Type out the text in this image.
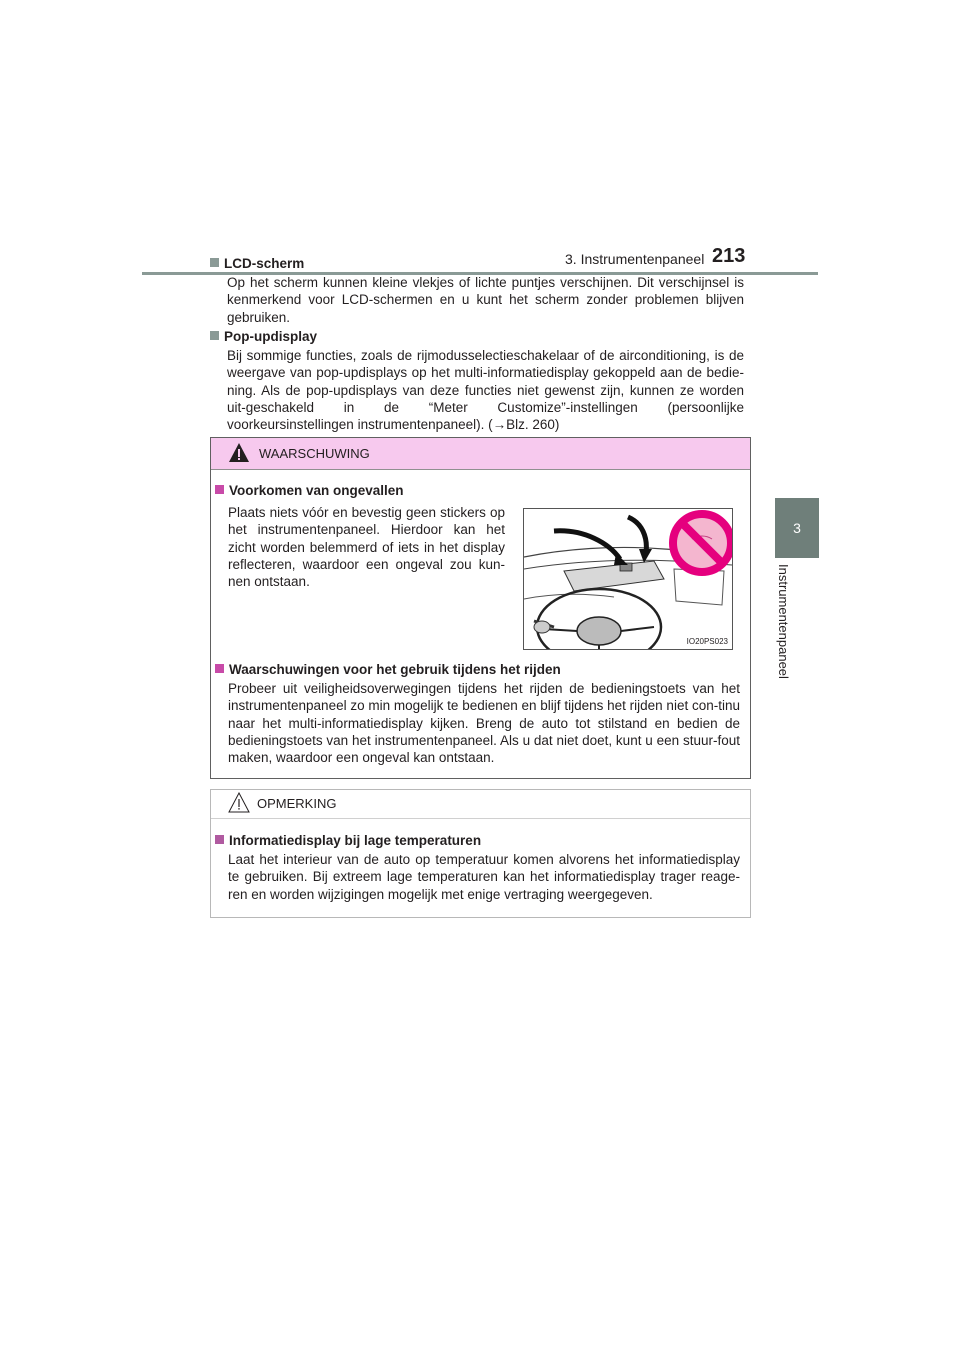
3. Instrumentenpaneel 213
3
Instrumentenpaneel
LCD-scherm
Op het scherm kunnen kleine vlekjes of lichte puntjes verschijnen. Dit verschijnsel is kenmerkend voor LCD-schermen en u kunt het scherm zonder problemen blijven gebruiken.
Pop-updisplay
Bij sommige functies, zoals de rijmodusselectieschakelaar of de airconditioning, is de weergave van pop-updisplays op het multi-informatiedisplay gekoppeld aan de bedie-ning. Als de pop-updisplays van deze functies niet gewenst zijn, kunnen ze worden uit-geschakeld in de “Meter Customize”-instellingen (persoonlijke voorkeursinstellingen instrumentenpaneel). (→Blz. 260)
WAARSCHUWING
Voorkomen van ongevallen
Plaats niets vóór en bevestig geen stickers op het instrumentenpaneel. Hierdoor kan het zicht worden belemmerd of iets in het display reflecteren, waardoor een ongeval zou kun-nen ontstaan.
Waarschuwingen voor het gebruik tijdens het rijden
Probeer uit veiligheidsoverwegingen tijdens het rijden de bedieningstoets van het instrumentenpaneel zo min mogelijk te bedienen en blijf tijdens het rijden niet con-tinu naar het multi-informatiedisplay kijken. Breng de auto tot stilstand en bedien de bedieningstoets van het instrumentenpaneel. Als u dat niet doet, kunt u een stuur-fout maken, waardoor een ongeval kan ontstaan.
IO20PS023
OPMERKING
Informatiedisplay bij lage temperaturen
Laat het interieur van de auto op temperatuur komen alvorens het informatiedisplay te gebruiken. Bij extreem lage temperaturen kan het informatiedisplay trager reage-ren en worden wijzigingen mogelijk met enige vertraging weergegeven.
